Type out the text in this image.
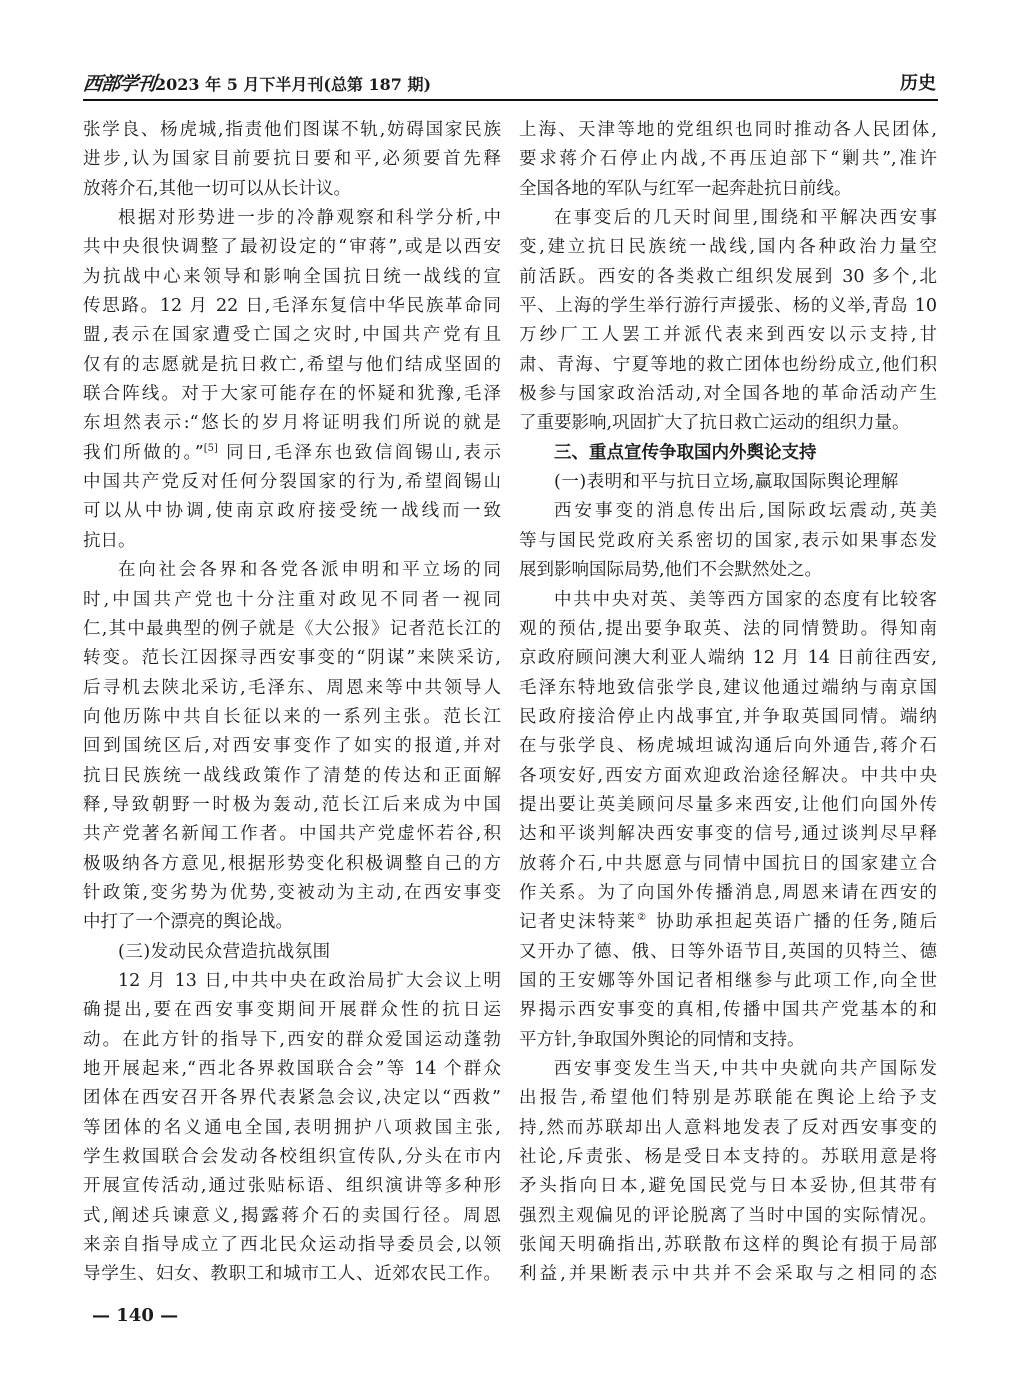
西部学刊2023 年 5 月下半月刊(总第 187 期)	历史
张学良、杨虎城,指责他们图谋不轨,妨碍国家民族
进步,认为国家目前要抗日要和平,必须要首先释
放蒋介石,其他一切可以从长计议。
根据对形势进一步的冷静观察和科学分析,中
共中央很快调整了最初设定的“审蒋”,或是以西安
为抗战中心来领导和影响全国抗日统一战线的宣
传思路。12 月 22 日,毛泽东复信中华民族革命同
盟,表示在国家遭受亡国之灾时,中国共产党有且
仅有的志愿就是抗日救亡,希望与他们结成坚固的
联合阵线。对于大家可能存在的怀疑和犹豫,毛泽
东坦然表示:“悠长的岁月将证明我们所说的就是
我们所做的。”[5] 同日,毛泽东也致信阎锡山,表示
中国共产党反对任何分裂国家的行为,希望阎锡山
可以从中协调,使南京政府接受统一战线而一致
抗日。
在向社会各界和各党各派申明和平立场的同
时,中国共产党也十分注重对政见不同者一视同
仁,其中最典型的例子就是《大公报》记者范长江的
转变。范长江因探寻西安事变的“阴谋”来陕采访,
后寻机去陕北采访,毛泽东、周恩来等中共领导人
向他历陈中共自长征以来的一系列主张。范长江
回到国统区后,对西安事变作了如实的报道,并对
抗日民族统一战线政策作了清楚的传达和正面解
释,导致朝野一时极为轰动,范长江后来成为中国
共产党著名新闻工作者。中国共产党虚怀若谷,积
极吸纳各方意见,根据形势变化积极调整自己的方
针政策,变劣势为优势,变被动为主动,在西安事变
中打了一个漂亮的舆论战。
(三)发动民众营造抗战氛围
12 月 13 日,中共中央在政治局扩大会议上明
确提出,要在西安事变期间开展群众性的抗日运
动。在此方针的指导下,西安的群众爱国运动蓬勃
地开展起来,“西北各界救国联合会”等 14 个群众
团体在西安召开各界代表紧急会议,决定以“西救”
等团体的名义通电全国,表明拥护八项救国主张,
学生救国联合会发动各校组织宣传队,分头在市内
开展宣传活动,通过张贴标语、组织演讲等多种形
式,阐述兵谏意义,揭露蒋介石的卖国行径。周恩
来亲自指导成立了西北民众运动指导委员会,以领
导学生、妇女、教职工和城市工人、近郊农民工作。
上海、天津等地的党组织也同时推动各人民团体,
要求蒋介石停止内战,不再压迫部下“剿共”,准许
全国各地的军队与红军一起奔赴抗日前线。
在事变后的几天时间里,围绕和平解决西安事
变,建立抗日民族统一战线,国内各种政治力量空
前活跃。西安的各类救亡组织发展到 30 多个,北
平、上海的学生举行游行声援张、杨的义举,青岛 10
万纱厂工人罢工并派代表来到西安以示支持,甘
肃、青海、宁夏等地的救亡团体也纷纷成立,他们积
极参与国家政治活动,对全国各地的革命活动产生
了重要影响,巩固扩大了抗日救亡运动的组织力量。
三、重点宣传争取国内外舆论支持
(一)表明和平与抗日立场,赢取国际舆论理解
西安事变的消息传出后,国际政坛震动,英美
等与国民党政府关系密切的国家,表示如果事态发
展到影响国际局势,他们不会默然处之。
中共中央对英、美等西方国家的态度有比较客
观的预估,提出要争取英、法的同情赞助。得知南
京政府顾问澳大利亚人端纳 12 月 14 日前往西安,
毛泽东特地致信张学良,建议他通过端纳与南京国
民政府接洽停止内战事宜,并争取英国同情。端纳
在与张学良、杨虎城坦诚沟通后向外通告,蒋介石
各项安好,西安方面欢迎政治途径解决。中共中央
提出要让英美顾问尽量多来西安,让他们向国外传
达和平谈判解决西安事变的信号,通过谈判尽早释
放蒋介石,中共愿意与同情中国抗日的国家建立合
作关系。为了向国外传播消息,周恩来请在西安的
记者史沫特莱② 协助承担起英语广播的任务,随后
又开办了德、俄、日等外语节目,英国的贝特兰、德
国的王安娜等外国记者相继参与此项工作,向全世
界揭示西安事变的真相,传播中国共产党基本的和
平方针,争取国外舆论的同情和支持。
西安事变发生当天,中共中央就向共产国际发
出报告,希望他们特别是苏联能在舆论上给予支
持,然而苏联却出人意料地发表了反对西安事变的
社论,斥责张、杨是受日本支持的。苏联用意是将
矛头指向日本,避免国民党与日本妥协,但其带有
强烈主观偏见的评论脱离了当时中国的实际情况。
张闻天明确指出,苏联散布这样的舆论有损于局部
利益,并果断表示中共并不会采取与之相同的态
— 140 —
